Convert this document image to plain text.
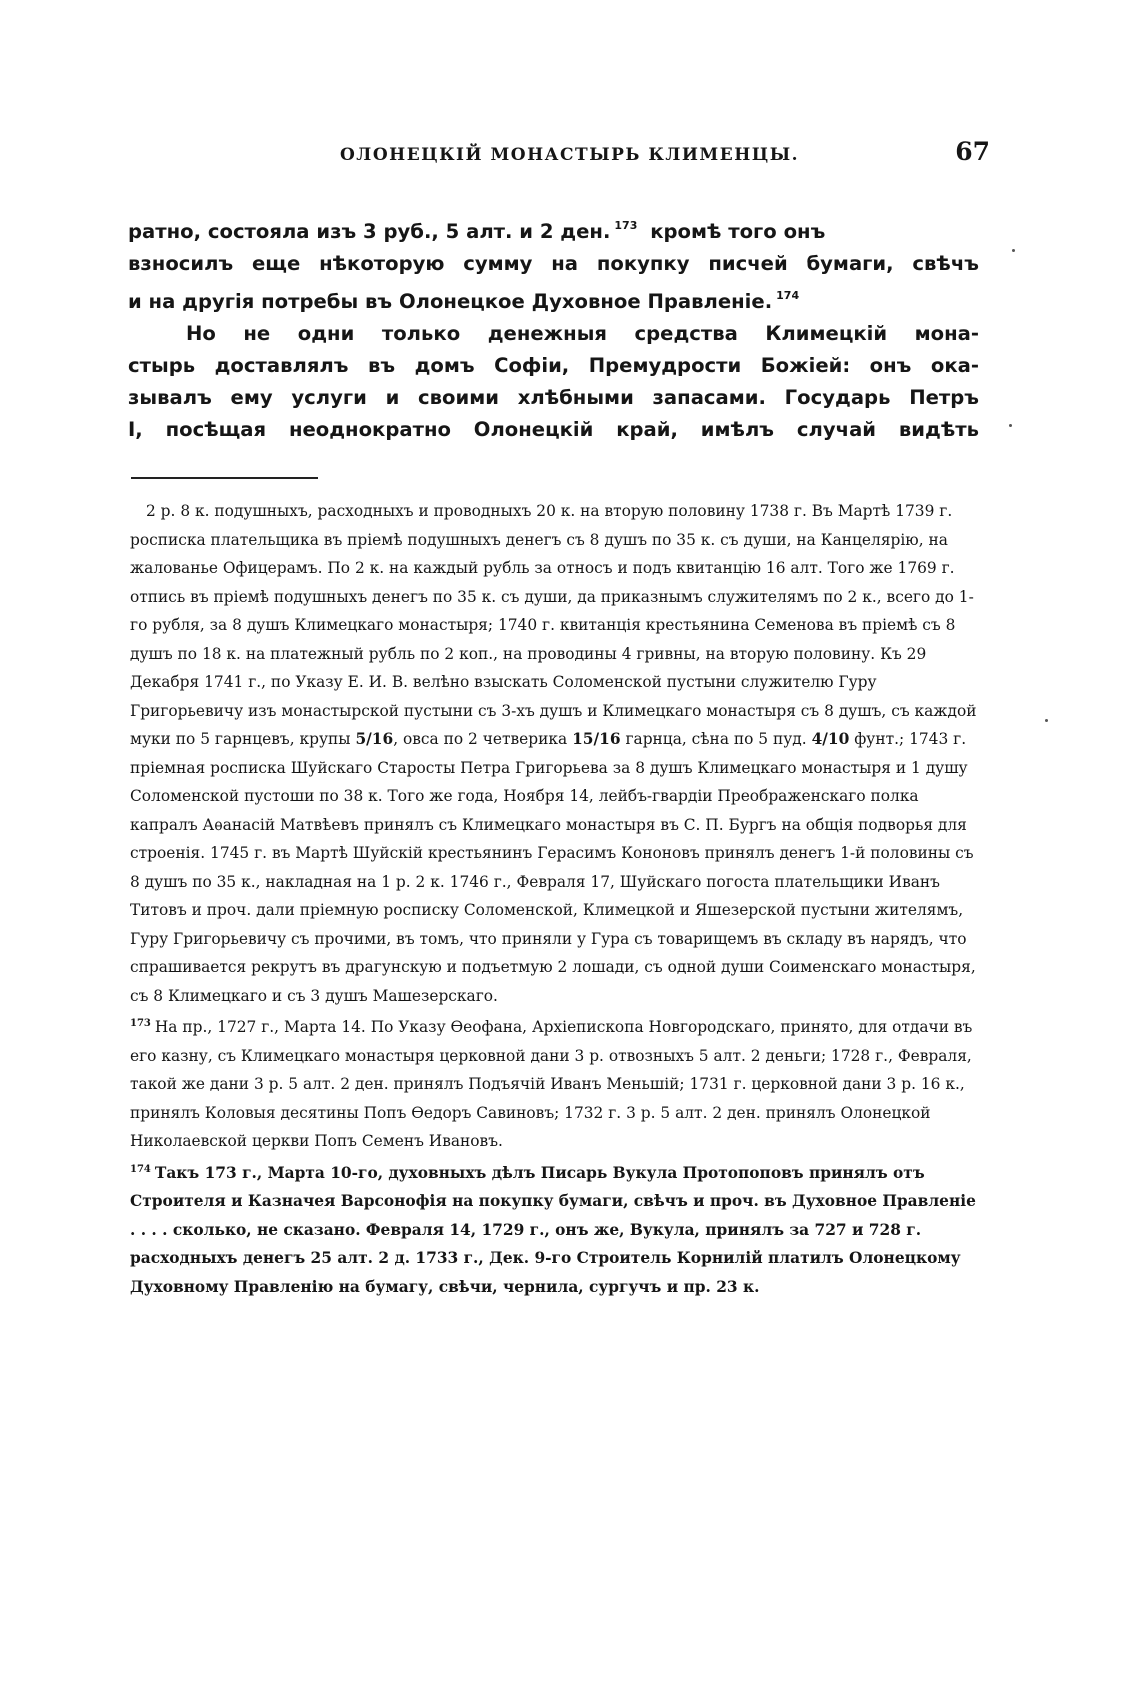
ОЛОНЕЦКІЙ МОНАСТЫРЬ КЛИМЕНЦЫ.	67
ратно, состояла изъ 3 руб., 5 алт. и 2 ден. $^{173}$ кромѣ того онъ
взносилъ еще нѣкоторую сумму на покупку писчей бумаги, свѣчъ
и на другія потребы въ Олонецкое Духовное Правленіе. $^{174}$
Но не одни только денежныя средства Климецкій мона-
стырь доставлялъ въ домъ Софіи, Премудрости Божіей: онъ ока-
зывалъ ему услуги и своими хлѣбными запасами. Государь Петръ
I, посѣщая неоднократно Олонецкій край, имѣлъ случай видѣть
2 р. 8 к. подушныхъ, расходныхъ и проводныхъ 20 к. на вторую половину 1738 г. Въ Мартѣ 1739 г. росписка плательщика въ пріемѣ подушныхъ денегъ съ 8 душъ по 35 к. съ души, на Канцелярію, на жалованье Офицерамъ. По 2 к. на каждый рубль за относъ и подъ квитанцію 16 алт. Того же 1769 г. отпись въ пріемѣ подушныхъ денегъ по 35 к. съ души, да приказнымъ служителямъ по 2 к., всего до 1-го рубля, за 8 душъ Климецкаго монастыря; 1740 г. квитанція крестьянина Семенова въ пріемѣ съ 8 душъ по 18 к. на платежный рубль по 2 коп., на проводины 4 гривны, на вторую половину. Къ 29 Декабря 1741 г., по Указу Е. И. В. велѣно взыскать Соломенской пустыни служителю Гуру Григорьевичу изъ монастырской пустыни съ 3-хъ душъ и Климецкаго монастыря съ 8 душъ, съ каждой муки по 5 гарнцевъ, крупы 5/16, овса по 2 четверика 15/16 гарнца, сѣна по 5 пуд. 4/10 фунт.; 1743 г. пріемная росписка Шуйскаго Старосты Петра Григорьева за 8 душъ Климецкаго монастыря и 1 душу Соломенской пустоши по 38 к. Того же года, Ноября 14, лейбъ-гвардіи Преображенскаго полка капралъ Аѳанасій Матвѣевъ принялъ съ Климецкаго монастыря въ С. П. Бургъ на общія подворья для строенія. 1745 г. въ Мартѣ Шуйскій крестьянинъ Герасимъ Кононовъ принялъ денегъ 1-й половины съ 8 душъ по 35 к., накладная на 1 р. 2 к. 1746 г., Февраля 17, Шуйскаго погоста плательщики Иванъ Титовъ и проч. дали пріемную росписку Соломенской, Климецкой и Яшезерской пустыни жителямъ, Гуру Григорьевичу съ прочими, въ томъ, что приняли у Гура съ товарищемъ въ складу въ нарядъ, что спрашивается рекрутъ въ драгунскую и подъетмую 2 лошади, съ одной души Соименскаго монастыря, съ 8 Климецкаго и съ 3 душъ Машезерскаго.
$^{173}$ На пр., 1727 г., Марта 14. По Указу Ѳеофана, Архіепископа Новгородскаго, принято, для отдачи въ его казну, съ Климецкаго монастыря церковной дани 3 р. отвозныхъ 5 алт. 2 деньги; 1728 г., Февраля, такой же дани 3 р. 5 алт. 2 ден. принялъ Подъячій Иванъ Меньшій; 1731 г. церковной дани 3 р. 16 к., принялъ Коловыя десятины Попъ Ѳедоръ Савиновъ; 1732 г. 3 р. 5 алт. 2 ден. принялъ Олонецкой Николаевской церкви Попъ Семенъ Ивановъ.
$^{174}$ Такъ 173 г., Марта 10-го, духовныхъ дѣлъ Писарь Вукула Протопоповъ принялъ отъ Строителя и Казначея Варсонофія на покупку бумаги, свѣчъ и проч. въ Духовное Правленіе . . . . сколько, не сказано. Февраля 14, 1729 г., онъ же, Вукула, принялъ за 727 и 728 г. расходныхъ денегъ 25 алт. 2 д. 1733 г., Дек. 9-го Строитель Корнилій платилъ Олонецкому Духовному Правленію на бумагу, свѣчи, чернила, сургучъ и пр. 23 к.
